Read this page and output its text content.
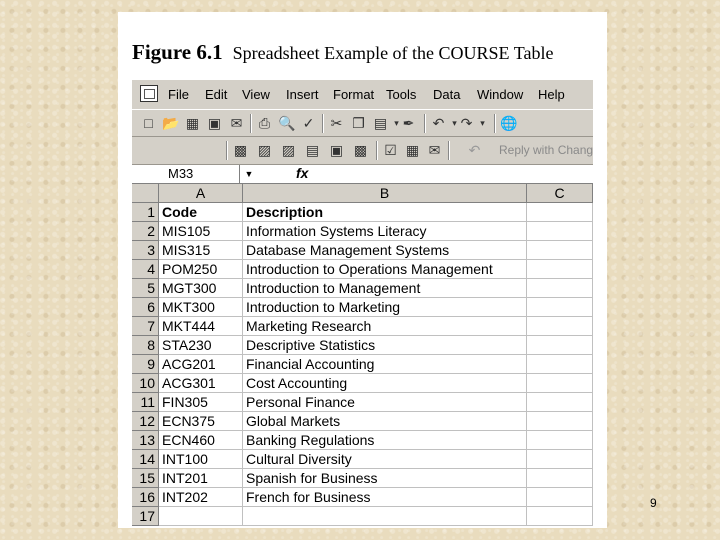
Figure 6.1 Spreadsheet Example of the COURSE Table
File Edit View Insert Format Tools Data Window Help
□ 📂 ▦ ▣ ✉ ⎙ 🔍 ✓ ✂ ❐ ▤ ▾ ✒ ↶ ▾ ↷ ▾	🌐
▩ ▨ ▨ ▤ ▣ ▩ ☑ ▦ ✉ ↶ Reply with Chang
M33	▼	fx
A	B	C
1 Code	Description
2 MIS105	Information Systems Literacy
3 MIS315	Database Management Systems
4 POM250	Introduction to Operations Management
5 MGT300	Introduction to Management
6 MKT300	Introduction to Marketing
7 MKT444	Marketing Research
8 STA230	Descriptive Statistics
9 ACG201	Financial Accounting
10 ACG301	Cost Accounting
11 FIN305	Personal Finance
12 ECN375	Global Markets
13 ECN460	Banking Regulations
14 INT100	Cultural Diversity
15 INT201	Spanish for Business
16 INT202	French for Business
17
9
